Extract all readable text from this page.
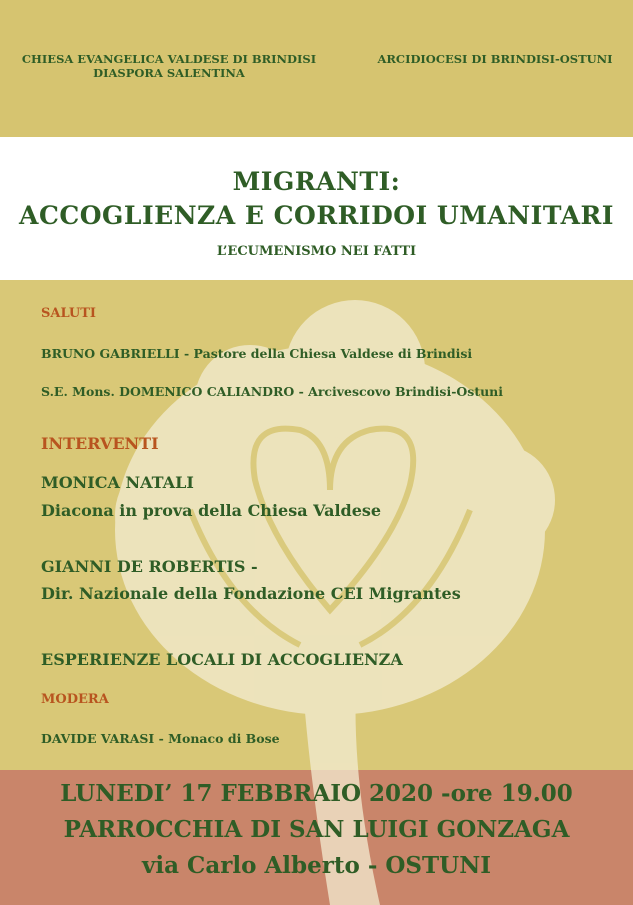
CHIESA EVANGELICA VALDESE DI BRINDISI
DIASPORA SALENTINA
ARCIDIOCESI DI BRINDISI-OSTUNI
MIGRANTI:
ACCOGLIENZA E CORRIDOI UMANITARI
L’ECUMENISMO NEI FATTI
SALUTI
BRUNO GABRIELLI - Pastore della Chiesa Valdese di Brindisi
S.E. Mons. DOMENICO CALIANDRO - Arcivescovo Brindisi-Ostuni
INTERVENTI
MONICA NATALI
Diacona in prova della Chiesa Valdese
GIANNI DE ROBERTIS -
Dir. Nazionale della Fondazione CEI Migrantes
ESPERIENZE LOCALI DI ACCOGLIENZA
MODERA
DAVIDE VARASI - Monaco di Bose
LUNEDI’ 17 FEBBRAIO 2020 -ore 19.00
PARROCCHIA DI SAN LUIGI GONZAGA
via Carlo Alberto - OSTUNI
